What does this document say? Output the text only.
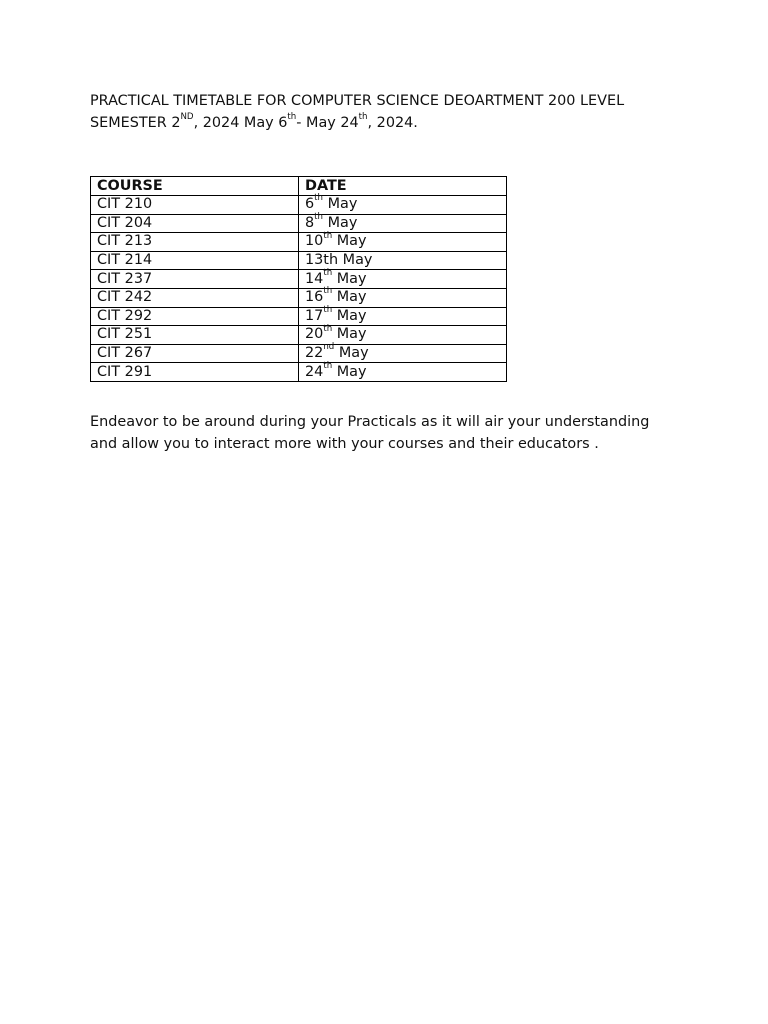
PRACTICAL TIMETABLE FOR COMPUTER SCIENCE DEOARTMENT 200 LEVEL
SEMESTER 2ND, 2024 May 6th- May 24th, 2024.
COURSE	DATE
CIT 210	6th May
CIT 204	8th May
CIT 213	10th May
CIT 214	13th May
CIT 237	14th May
CIT 242	16th May
CIT 292	17th May
CIT 251	20th May
CIT 267	22nd May
CIT 291	24th May

Endeavor to be around during your Practicals as it will air your understanding
and allow you to interact more with your courses and their educators .
